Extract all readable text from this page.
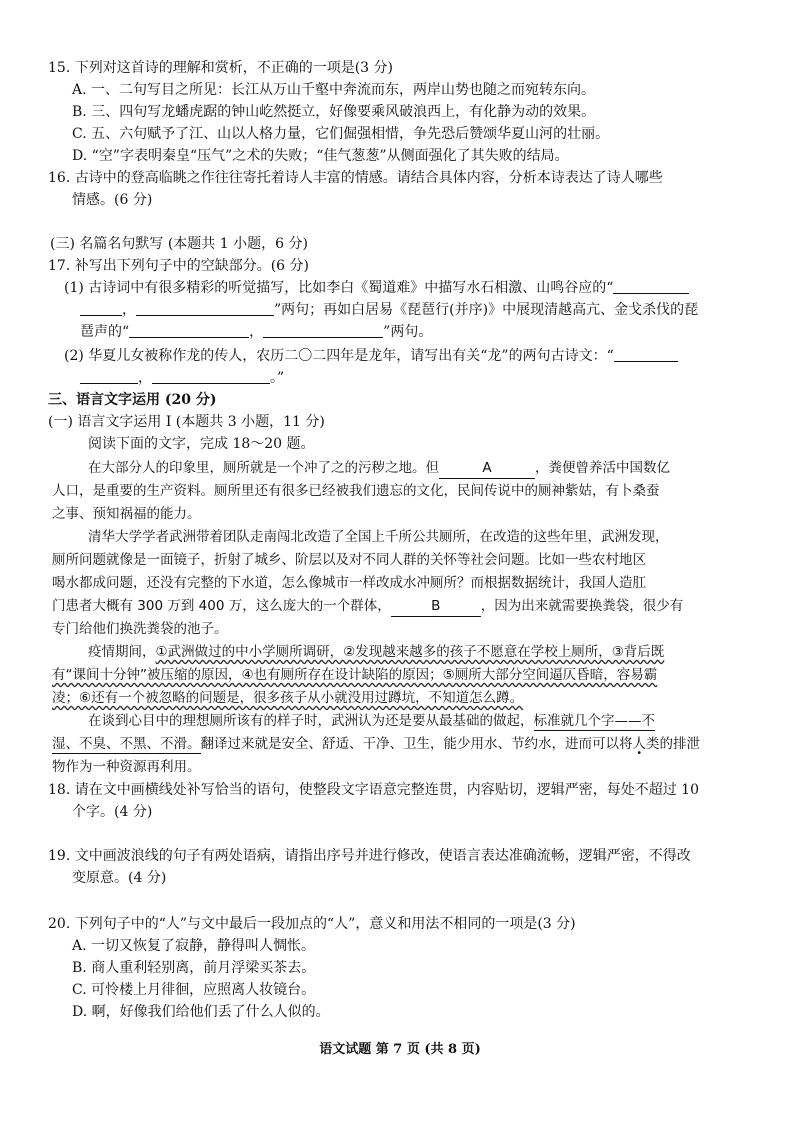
15. 下列对这首诗的理解和赏析，不正确的一项是(3 分)
A. 一、二句写目之所见：长江从万山千壑中奔流而东，两岸山势也随之而宛转东向。
B. 三、四句写龙蟠虎踞的钟山屹然挺立，好像要乘风破浪西上，有化静为动的效果。
C. 五、六句赋予了江、山以人格力量，它们倔强相惜，争先恐后赞颂华夏山河的壮丽。
D. “空”字表明秦皇“压气”之术的失败；“佳气葱葱”从侧面强化了其失败的结局。
16. 古诗中的登高临眺之作往往寄托着诗人丰富的情感。请结合具体内容，分析本诗表达了诗人哪些
情感。(6 分)
(三) 名篇名句默写 (本题共 1 小题，6 分)
17. 补写出下列句子中的空缺部分。(6 分)
(1) 古诗词中有很多精彩的听觉描写，比如李白《蜀道难》中描写水石相激、山鸣谷应的“
，	”两句；再如白居易《琵琶行(并序)》中展现清越高亢、金戈杀伐的琵
琶声的“	，	”两句。
(2) 华夏儿女被称作龙的传人，农历二〇二四年是龙年，请写出有关“龙”的两句古诗文：“
，	。”
三、语言文字运用 (20 分)
(一) 语言文字运用 Ⅰ (本题共 3 小题，11 分)
阅读下面的文字，完成 18～20 题。
在大部分人的印象里，厕所就是一个冲了之的污秽之地。但	A	，粪便曾养活中国数亿
人口，是重要的生产资料。厕所里还有很多已经被我们遗忘的文化，民间传说中的厕神紫姑，有卜桑蚕
之事、预知祸福的能力。
清华大学学者武洲带着团队走南闯北改造了全国上千所公共厕所，在改造的这些年里，武洲发现，
厕所问题就像是一面镜子，折射了城乡、阶层以及对不同人群的关怀等社会问题。比如一些农村地区
喝水都成问题，还没有完整的下水道，怎么像城市一样改成水冲厕所？而根据数据统计，我国人造肛
门患者大概有 300 万到 400 万，这么庞大的一个群体，	B	，因为出来就需要换粪袋，很少有
专门给他们换洗粪袋的池子。
疫情期间，①武洲做过的中小学厕所调研，②发现越来越多的孩子不愿意在学校上厕所，③背后既
有“课间十分钟”被压缩的原因，④也有厕所存在设计缺陷的原因；⑤厕所大部分空间逼仄昏暗，容易霸
凌；⑥还有一个被忽略的问题是，很多孩子从小就没用过蹲坑，不知道怎么蹲。
在谈到心目中的理想厕所该有的样子时，武洲认为还是要从最基础的做起，标准就几个字——不
湿、不臭、不黑、不滑。翻译过来就是安全、舒适、干净、卫生，能少用水、节约水，进而可以将人类的排泄
物作为一种资源再利用。
18. 请在文中画横线处补写恰当的语句，使整段文字语意完整连贯，内容贴切，逻辑严密，每处不超过 10
个字。(4 分)
19. 文中画波浪线的句子有两处语病，请指出序号并进行修改，使语言表达准确流畅，逻辑严密，不得改
变原意。(4 分)
20. 下列句子中的“人”与文中最后一段加点的“人”，意义和用法不相同的一项是(3 分)
A. 一切又恢复了寂静，静得叫人惆怅。
B. 商人重利轻别离，前月浮梁买茶去。
C. 可怜楼上月徘徊，应照离人妆镜台。
D. 啊，好像我们给他们丢了什么人似的。
语文试题 第 7 页 (共 8 页)
